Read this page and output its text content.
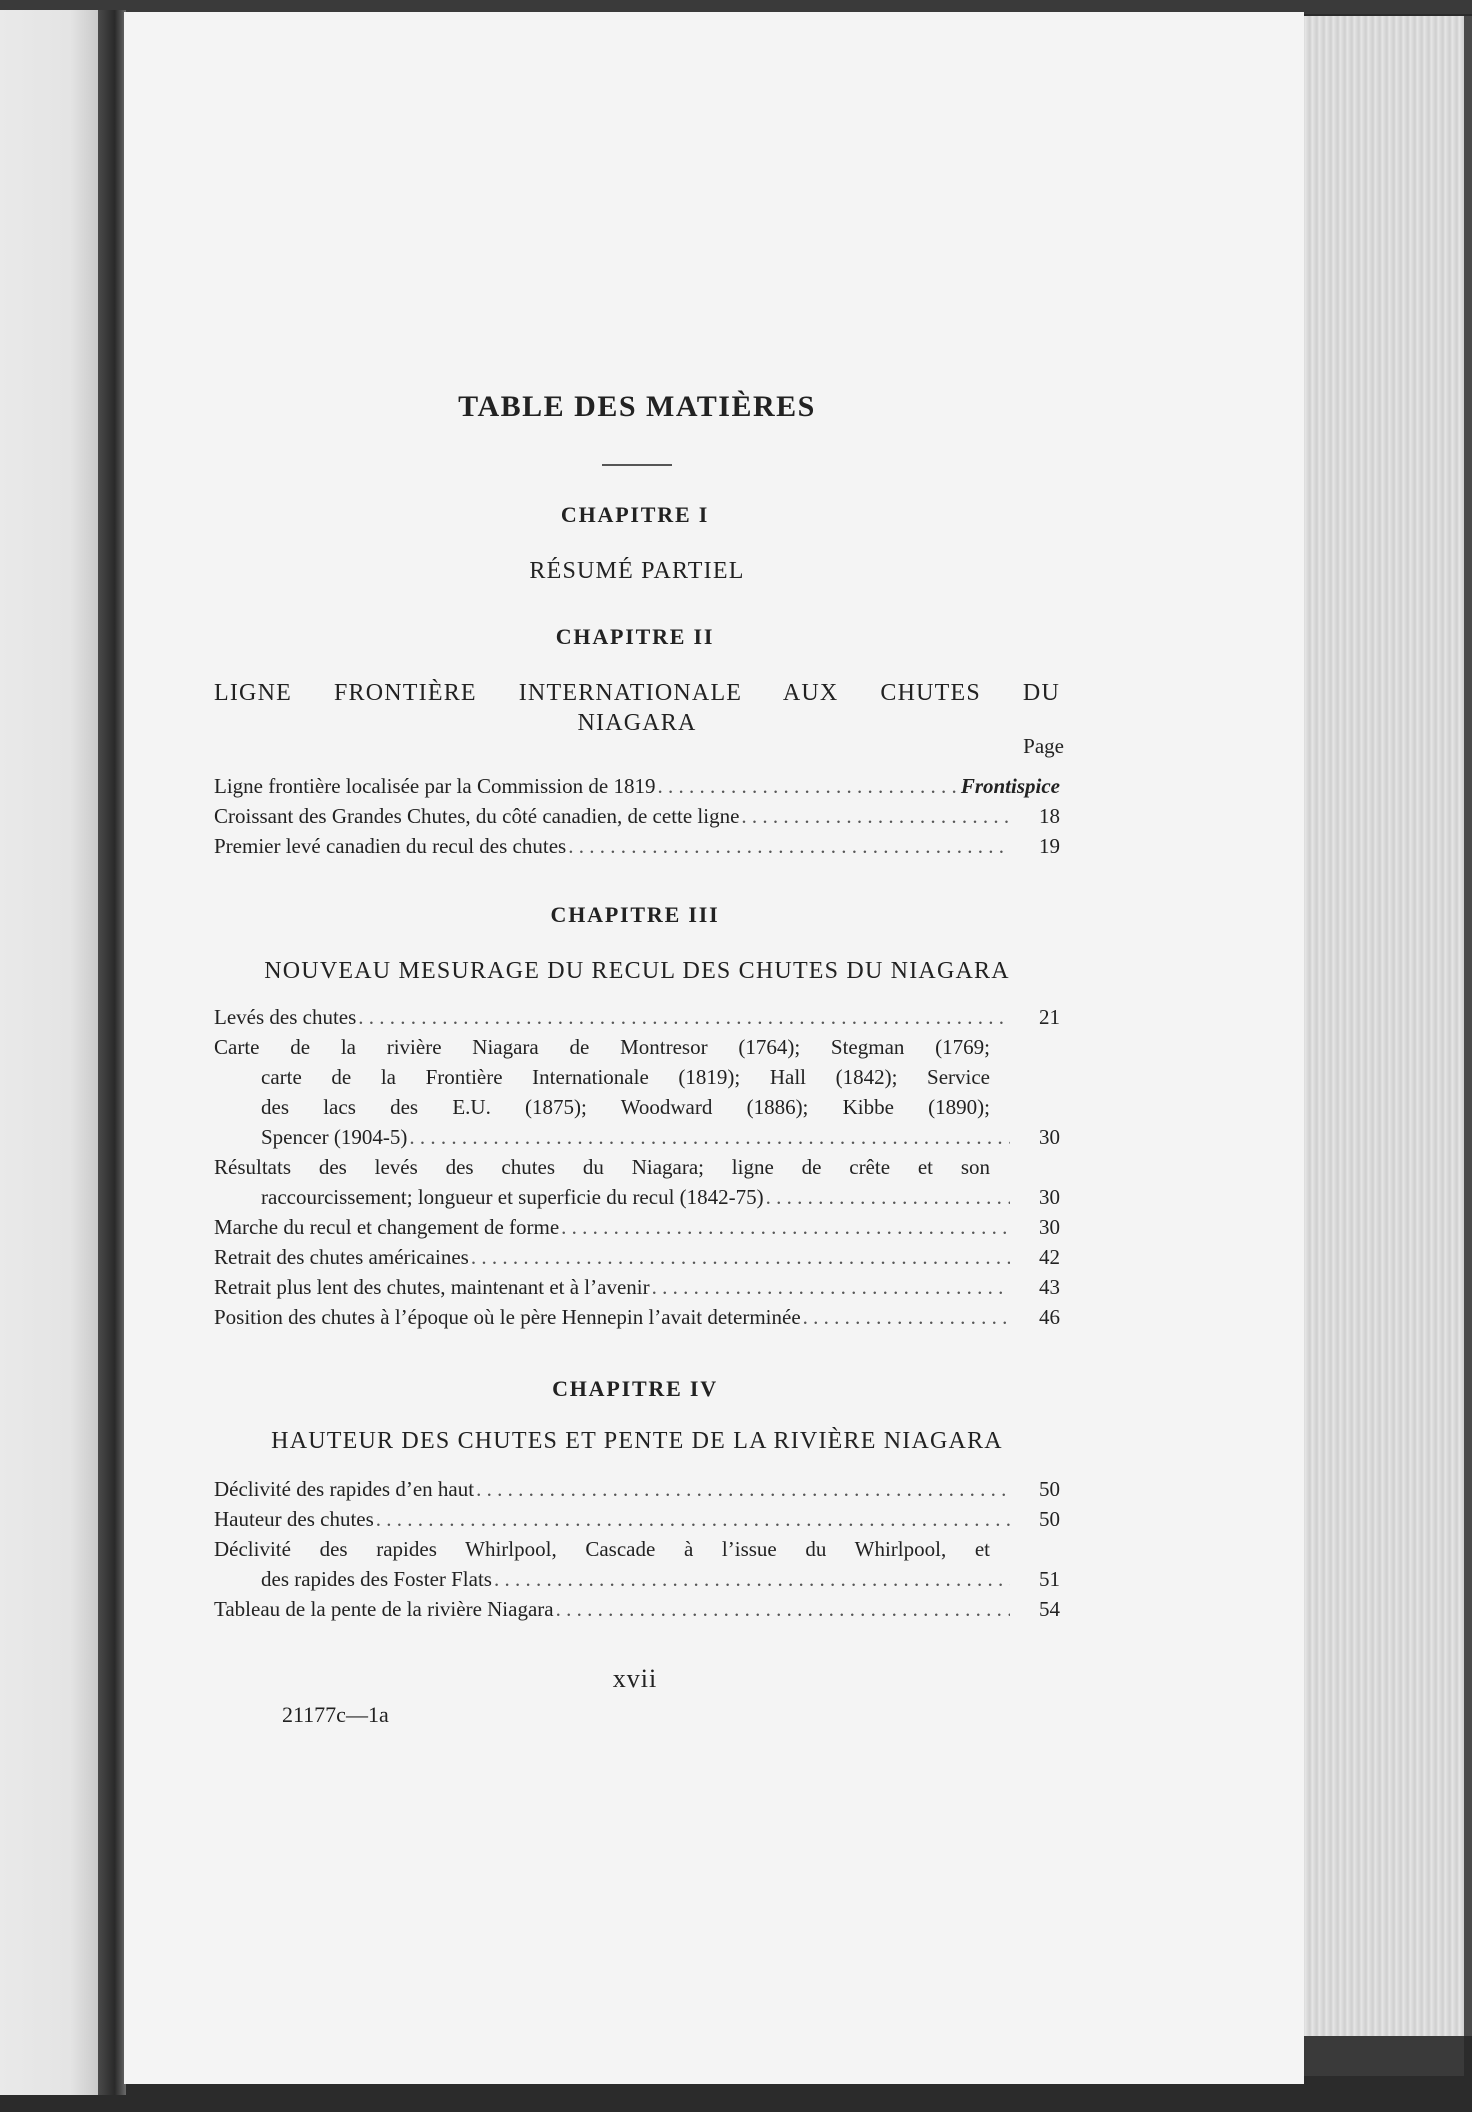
TABLE DES MATIÈRES
CHAPITRE I
RÉSUMÉ PARTIEL
CHAPITRE II
LIGNE FRONTIÈRE INTERNATIONALE AUX CHUTES DU
NIAGARA
Page
Ligne frontière localisée par la Commission de 1819 . . .	Frontispice
Croissant des Grandes Chutes, du côté canadien, de cette ligne . . .	18
Premier levé canadien du recul des chutes . . .	19
CHAPITRE III
NOUVEAU MESURAGE DU RECUL DES CHUTES DU NIAGARA
Levés des chutes . . .	21
Carte de la rivière Niagara de Montresor (1764); Stegman (1769;
carte de la Frontière Internationale (1819); Hall (1842); Service
des lacs des E.U. (1875); Woodward (1886); Kibbe (1890);
Spencer (1904-5) . . .	30
Résultats des levés des chutes du Niagara; ligne de crête et son
raccourcissement; longueur et superficie du recul (1842-75) . . .	30
Marche du recul et changement de forme . . .	30
Retrait des chutes américaines . . .	42
Retrait plus lent des chutes, maintenant et à l’avenir . . .	43
Position des chutes à l’époque où le père Hennepin l’avait determinée . . .	46
CHAPITRE IV
HAUTEUR DES CHUTES ET PENTE DE LA RIVIÈRE NIAGARA
Déclivité des rapides d’en haut . . .	50
Hauteur des chutes . . .	50
Déclivité des rapides Whirlpool, Cascade à l’issue du Whirlpool, et
des rapides des Foster Flats . . .	51
Tableau de la pente de la rivière Niagara . . .	54
xvii
21177c—1a
